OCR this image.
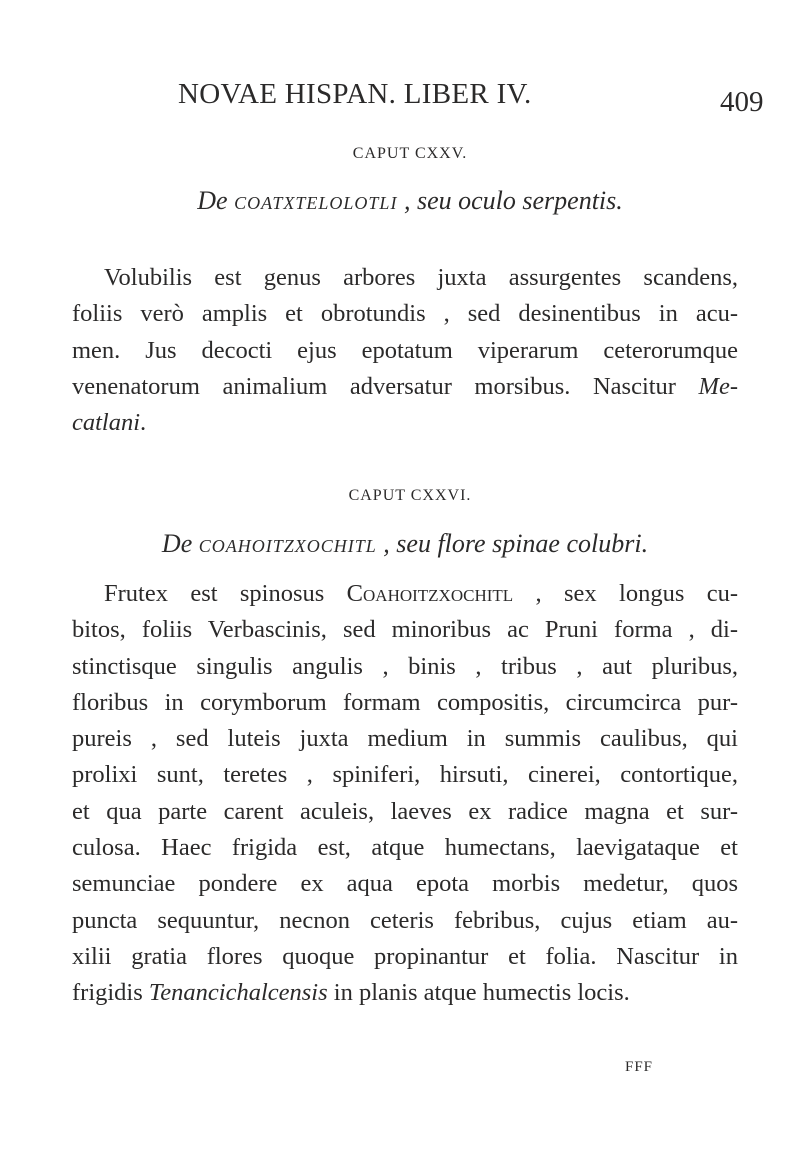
NOVAE HISPAN. LIBER IV.	409
CAPUT CXXV.
De coatxtelolotli , seu oculo serpentis.
Volubilis est genus arbores juxta assurgentes scandens,
foliis verò amplis et obrotundis , sed desinentibus in acu-
men. Jus decocti ejus epotatum viperarum ceterorumque
venenatorum animalium adversatur morsibus. Nascitur Me-
catlani.
CAPUT CXXVI.
De coahoitzxochitl , seu flore spinae colubri.
Frutex est spinosus Coahoitzxochitl , sex longus cu-
bitos, foliis Verbascinis, sed minoribus ac Pruni forma , di-
stinctisque singulis angulis , binis , tribus , aut pluribus,
floribus in corymborum formam compositis, circumcirca pur-
pureis , sed luteis juxta medium in summis caulibus, qui
prolixi sunt, teretes , spiniferi, hirsuti, cinerei, contortique,
et qua parte carent aculeis, laeves ex radice magna et sur-
culosa. Haec frigida est, atque humectans, laevigataque et
semunciae pondere ex aqua epota morbis medetur, quos
puncta sequuntur, necnon ceteris febribus, cujus etiam au-
xilii gratia flores quoque propinantur et folia. Nascitur in
frigidis Tenancichalcensis in planis atque humectis locis.
FFF
